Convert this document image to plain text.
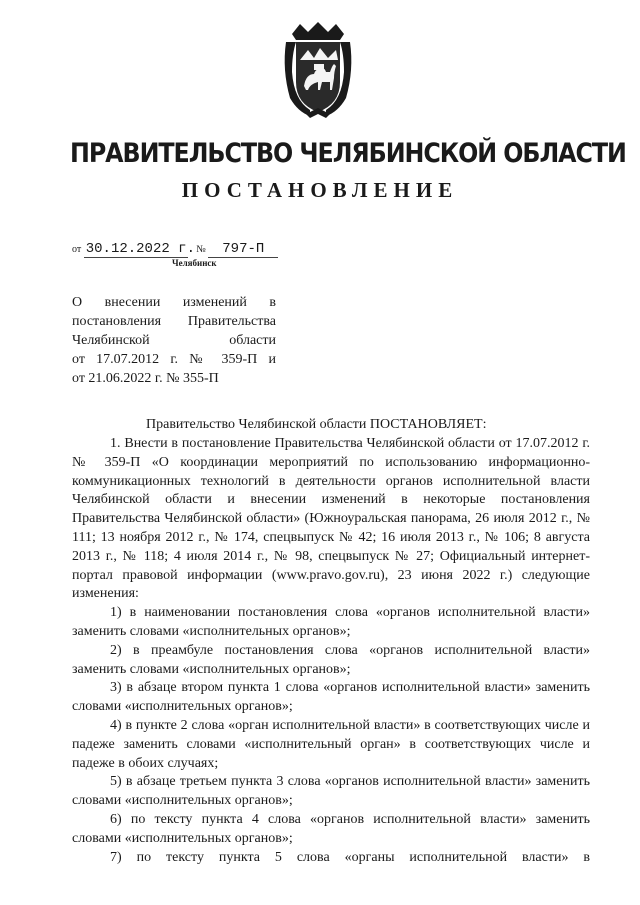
ПРАВИТЕЛЬСТВО ЧЕЛЯБИНСКОЙ ОБЛАСТИ
ПОСТАНОВЛЕНИЕ
от 30.12.2022 г. № 797-П
Челябинск
О внесении изменений в
постановления Правительства
Челябинской области
от 17.07.2012 г. № 359-П и
от 21.06.2022 г. № 355-П
Правительство Челябинской области ПОСТАНОВЛЯЕТ:

1. Внести в постановление Правительства Челябинской области от 17.07.2012 г. № 359-П «О координации мероприятий по использованию информационно-коммуникационных технологий в деятельности органов исполнительной власти Челябинской области и внесении изменений в некоторые постановления Правительства Челябинской области» (Южноуральская панорама, 26 июля 2012 г., № 111; 13 ноября 2012 г., № 174, спецвыпуск № 42; 16 июля 2013 г., № 106; 8 августа 2013 г., № 118; 4 июля 2014 г., № 98, спецвыпуск № 27; Официальный интернет-портал правовой информации (www.pravo.gov.ru), 23 июня 2022 г.) следующие изменения:

1) в наименовании постановления слова «органов исполнительной власти» заменить словами «исполнительных органов»;

2) в преамбуле постановления слова «органов исполнительной власти» заменить словами «исполнительных органов»;

3) в абзаце втором пункта 1 слова «органов исполнительной власти» заменить словами «исполнительных органов»;

4) в пункте 2 слова «орган исполнительной власти» в соответствующих числе и падеже заменить словами «исполнительный орган» в соответствующих числе и падеже в обоих случаях;

5) в абзаце третьем пункта 3 слова «органов исполнительной власти» заменить словами «исполнительных органов»;

6) по тексту пункта 4 слова «органов исполнительной власти» заменить словами «исполнительных органов»;

7) по тексту пункта 5 слова «органы исполнительной власти» в
